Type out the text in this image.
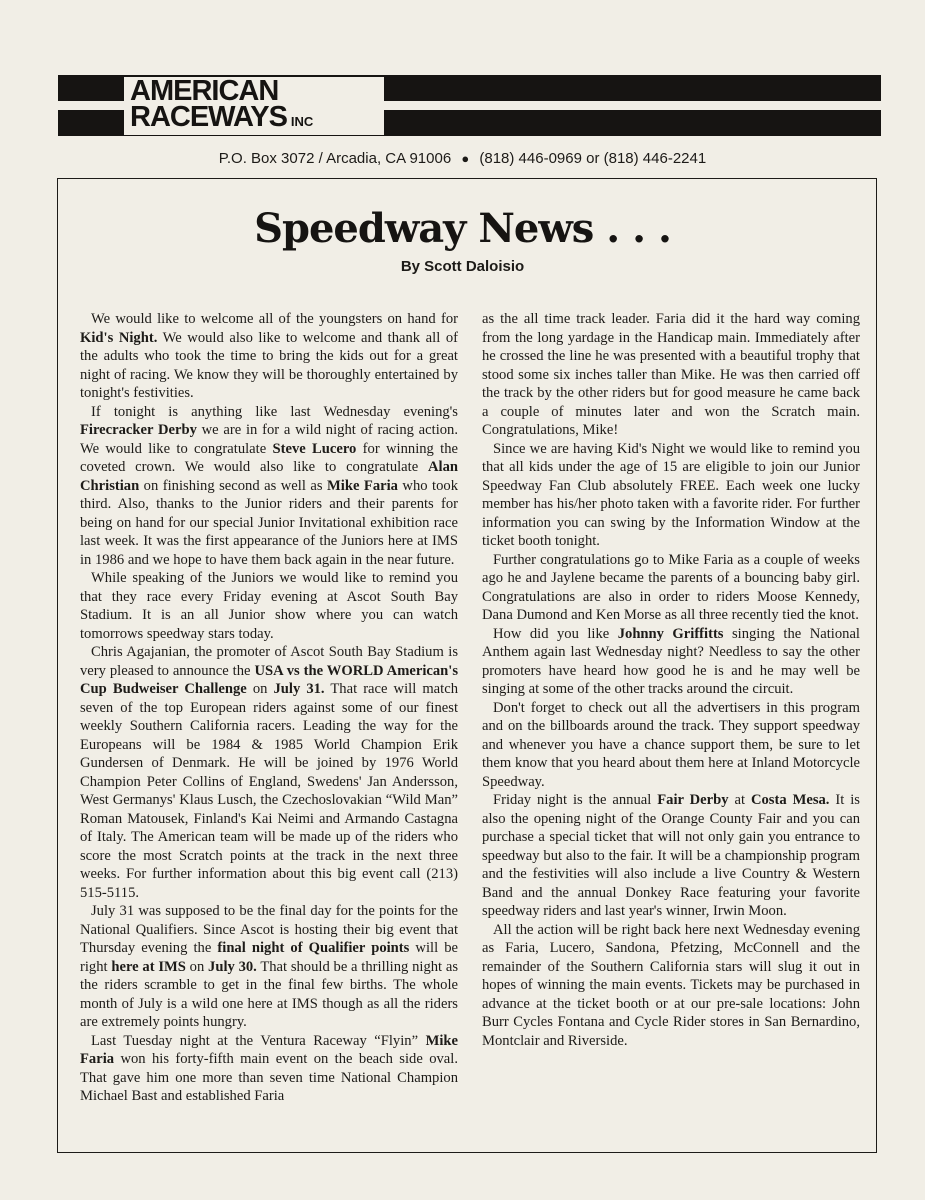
AMERICAN
RACEWAYS INC
P.O. Box 3072 / Arcadia, CA 91006 ● (818) 446-0969 or (818) 446-2241
Speedway News . . .
By Scott Daloisio

We would like to welcome all of the youngsters on hand for Kid's Night. We would also like to welcome and thank all of the adults who took the time to bring the kids out for a great night of racing. We know they will be thoroughly entertained by tonight's festivities.

If tonight is anything like last Wednesday evening's Firecracker Derby we are in for a wild night of racing action. We would like to congratulate Steve Lucero for winning the coveted crown. We would also like to congratulate Alan Christian on finishing second as well as Mike Faria who took third. Also, thanks to the Junior riders and their parents for being on hand for our special Junior Invitational exhibition race last week. It was the first appearance of the Juniors here at IMS in 1986 and we hope to have them back again in the near future.

While speaking of the Juniors we would like to remind you that they race every Friday evening at Ascot South Bay Stadium. It is an all Junior show where you can watch tomorrows speedway stars today.

Chris Agajanian, the promoter of Ascot South Bay Stadium is very pleased to announce the USA vs the WORLD American's Cup Budweiser Challenge on July 31. That race will match seven of the top European riders against some of our finest weekly Southern California racers. Leading the way for the Europeans will be 1984 & 1985 World Champion Erik Gundersen of Denmark. He will be joined by 1976 World Champion Peter Collins of England, Swedens' Jan Andersson, West Germanys' Klaus Lusch, the Czechoslovakian “Wild Man” Roman Matousek, Finland's Kai Neimi and Armando Castagna of Italy. The American team will be made up of the riders who score the most Scratch points at the track in the next three weeks. For further information about this big event call (213) 515-5115.

July 31 was supposed to be the final day for the points for the National Qualifiers. Since Ascot is hosting their big event that Thursday evening the final night of Qualifier points will be right here at IMS on July 30. That should be a thrilling night as the riders scramble to get in the final few births. The whole month of July is a wild one here at IMS though as all the riders are extremely points hungry.

Last Tuesday night at the Ventura Raceway “Flyin” Mike Faria won his forty-fifth main event on the beach side oval. That gave him one more than seven time National Champion Michael Bast and established Faria

as the all time track leader. Faria did it the hard way coming from the long yardage in the Handicap main. Immediately after he crossed the line he was presented with a beautiful trophy that stood some six inches taller than Mike. He was then carried off the track by the other riders but for good measure he came back a couple of minutes later and won the Scratch main. Congratulations, Mike!

Since we are having Kid's Night we would like to remind you that all kids under the age of 15 are eligible to join our Junior Speedway Fan Club absolutely FREE. Each week one lucky member has his/her photo taken with a favorite rider. For further information you can swing by the Information Window at the ticket booth tonight.

Further congratulations go to Mike Faria as a couple of weeks ago he and Jaylene became the parents of a bouncing baby girl. Congratulations are also in order to riders Moose Kennedy, Dana Dumond and Ken Morse as all three recently tied the knot.

How did you like Johnny Griffitts singing the National Anthem again last Wednesday night? Needless to say the other promoters have heard how good he is and he may well be singing at some of the other tracks around the circuit.

Don't forget to check out all the advertisers in this program and on the billboards around the track. They support speedway and whenever you have a chance support them, be sure to let them know that you heard about them here at Inland Motorcycle Speedway.

Friday night is the annual Fair Derby at Costa Mesa. It is also the opening night of the Orange County Fair and you can purchase a special ticket that will not only gain you entrance to speedway but also to the fair. It will be a championship program and the festivities will also include a live Country & Western Band and the annual Donkey Race featuring your favorite speedway riders and last year's winner, Irwin Moon.

All the action will be right back here next Wednesday evening as Faria, Lucero, Sandona, Pfetzing, McConnell and the remainder of the Southern California stars will slug it out in hopes of winning the main events. Tickets may be purchased in advance at the ticket booth or at our pre-sale locations: John Burr Cycles Fontana and Cycle Rider stores in San Bernardino, Montclair and Riverside.
